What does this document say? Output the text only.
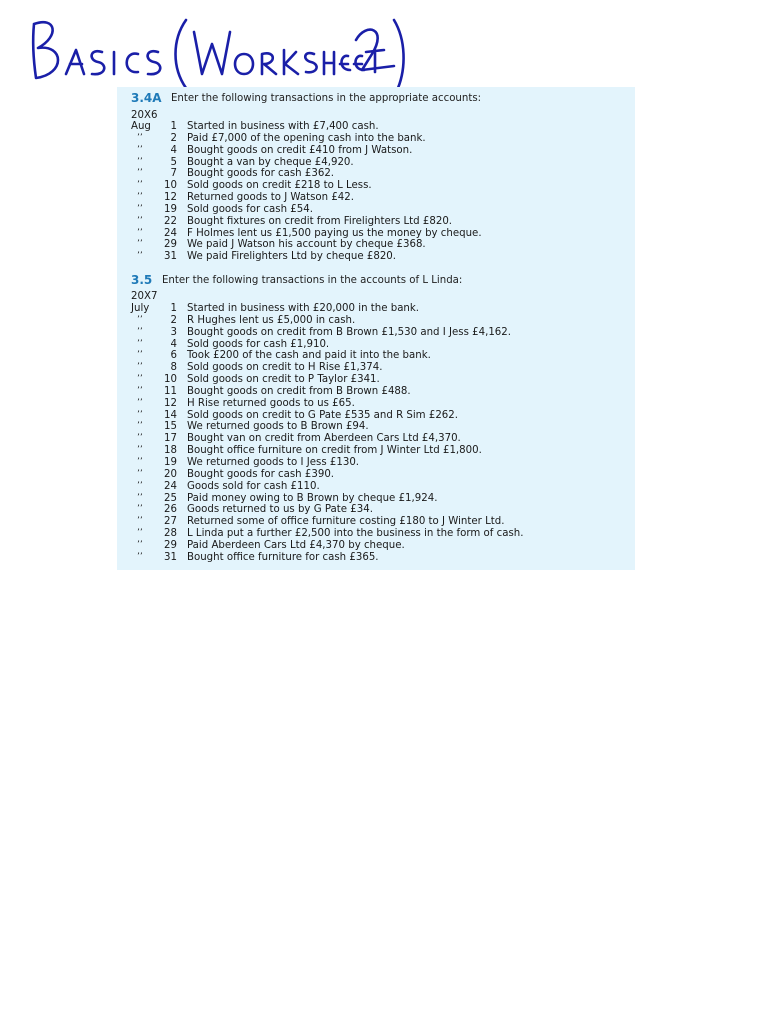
3.4A Enter the following transactions in the appropriate accounts:
20X6
Aug	1 Started in business with £7,400 cash.
’’	2 Paid £7,000 of the opening cash into the bank.
’’	4 Bought goods on credit £410 from J Watson.
’’	5 Bought a van by cheque £4,920.
’’	7 Bought goods for cash £362.
’’ 10 Sold goods on credit £218 to L Less.
’’ 12 Returned goods to J Watson £42.
’’ 19 Sold goods for cash £54.
’’ 22 Bought fixtures on credit from Firelighters Ltd £820.
’’ 24 F Holmes lent us £1,500 paying us the money by cheque.
’’ 29 We paid J Watson his account by cheque £368.
’’ 31 We paid Firelighters Ltd by cheque £820.
3.5 Enter the following transactions in the accounts of L Linda:
20X7
July	1 Started in business with £20,000 in the bank.
’’	2 R Hughes lent us £5,000 in cash.
’’	3 Bought goods on credit from B Brown £1,530 and I Jess £4,162.
’’	4 Sold goods for cash £1,910.
’’	6 Took £200 of the cash and paid it into the bank.
’’	8 Sold goods on credit to H Rise £1,374.
’’ 10 Sold goods on credit to P Taylor £341.
’’ 11 Bought goods on credit from B Brown £488.
’’ 12 H Rise returned goods to us £65.
’’ 14 Sold goods on credit to G Pate £535 and R Sim £262.
’’ 15 We returned goods to B Brown £94.
’’ 17 Bought van on credit from Aberdeen Cars Ltd £4,370.
’’ 18 Bought office furniture on credit from J Winter Ltd £1,800.
’’ 19 We returned goods to I Jess £130.
’’ 20 Bought goods for cash £390.
’’ 24 Goods sold for cash £110.
’’ 25 Paid money owing to B Brown by cheque £1,924.
’’ 26 Goods returned to us by G Pate £34.
’’ 27 Returned some of office furniture costing £180 to J Winter Ltd.
’’ 28 L Linda put a further £2,500 into the business in the form of cash.
’’ 29 Paid Aberdeen Cars Ltd £4,370 by cheque.
’’ 31 Bought office furniture for cash £365.
